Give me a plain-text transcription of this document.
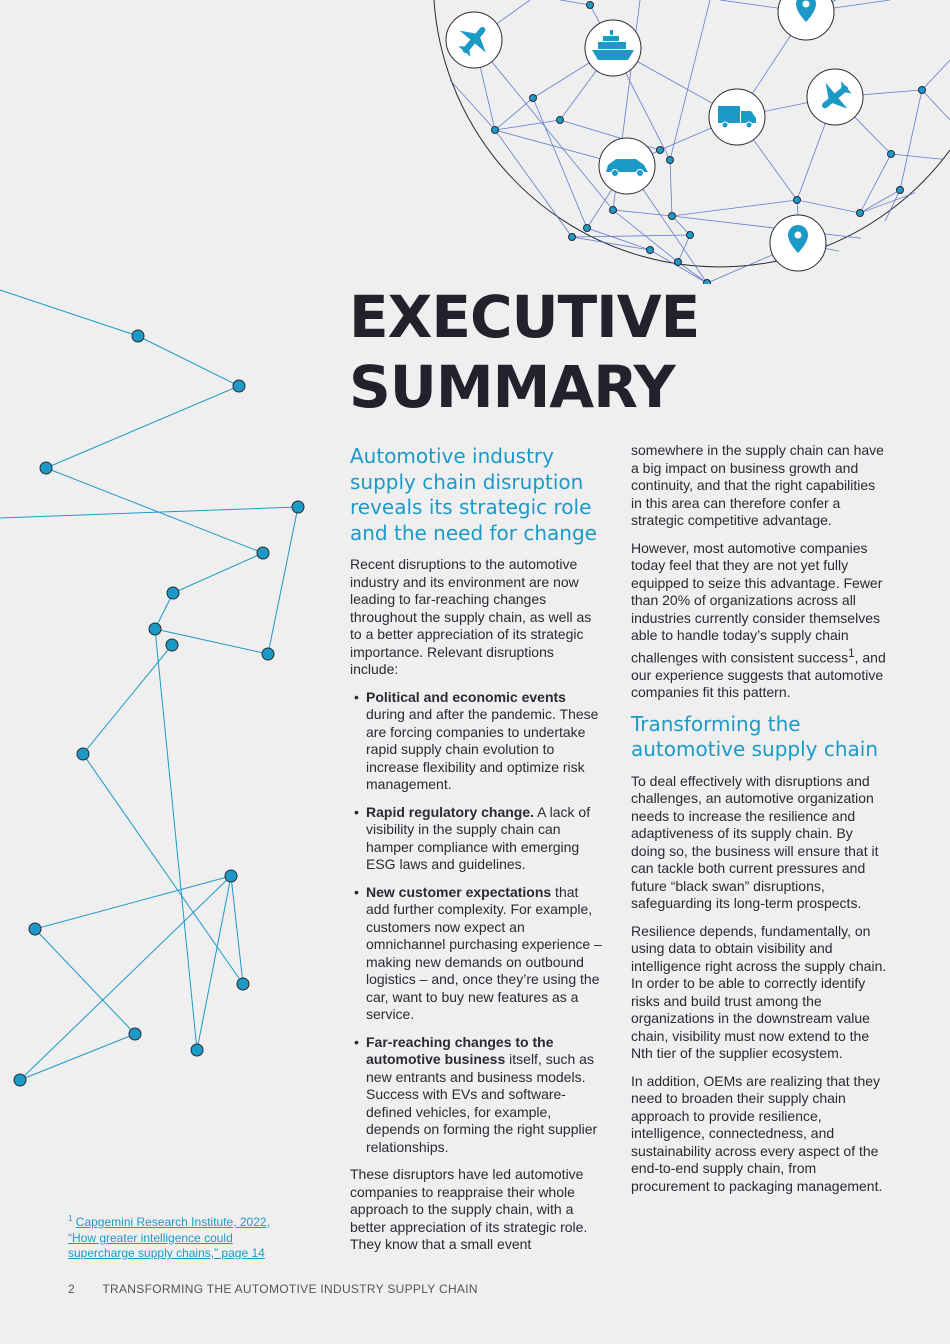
EXECUTIVE
SUMMARY
Automotive industry supply chain disruption reveals its strategic role and the need for change

Recent disruptions to the automotive industry and its environment are now leading to far-reaching changes throughout the supply chain, as well as to a better appreciation of its strategic importance. Relevant disruptions include:

• Political and economic events during and after the pandemic. These are forcing companies to undertake rapid supply chain evolution to increase flexibility and optimize risk management.
• Rapid regulatory change. A lack of visibility in the supply chain can hamper compliance with emerging ESG laws and guidelines.
• New customer expectations that add further complexity. For example, customers now expect an omnichannel purchasing experience – making new demands on outbound logistics – and, once they’re using the car, want to buy new features as a service.
• Far-reaching changes to the automotive business itself, such as new entrants and business models. Success with EVs and software-defined vehicles, for example, depends on forming the right supplier relationships.

These disruptors have led automotive companies to reappraise their whole approach to the supply chain, with a better appreciation of its strategic role. They know that a small event

somewhere in the supply chain can have a big impact on business growth and continuity, and that the right capabilities in this area can therefore confer a strategic competitive advantage.

However, most automotive companies today feel that they are not yet fully equipped to seize this advantage. Fewer than 20% of organizations across all industries currently consider themselves able to handle today’s supply chain challenges with consistent success$^1$, and our experience suggests that automotive companies fit this pattern.

Transforming the automotive supply chain

To deal effectively with disruptions and challenges, an automotive organization needs to increase the resilience and adaptiveness of its supply chain. By doing so, the business will ensure that it can tackle both current pressures and future “black swan” disruptions, safeguarding its long-term prospects.

Resilience depends, fundamentally, on using data to obtain visibility and intelligence right across the supply chain. In order to be able to correctly identify risks and build trust among the organizations in the downstream value chain, visibility must now extend to the Nth tier of the supplier ecosystem.

In addition, OEMs are realizing that they need to broaden their supply chain approach to provide resilience, intelligence, connectedness, and sustainability across every aspect of the end-to-end supply chain, from procurement to packaging management.

$^1$ Capgemini Research Institute, 2022, “How greater intelligence could supercharge supply chains,” page 14
2 TRANSFORMING THE AUTOMOTIVE INDUSTRY SUPPLY CHAIN
